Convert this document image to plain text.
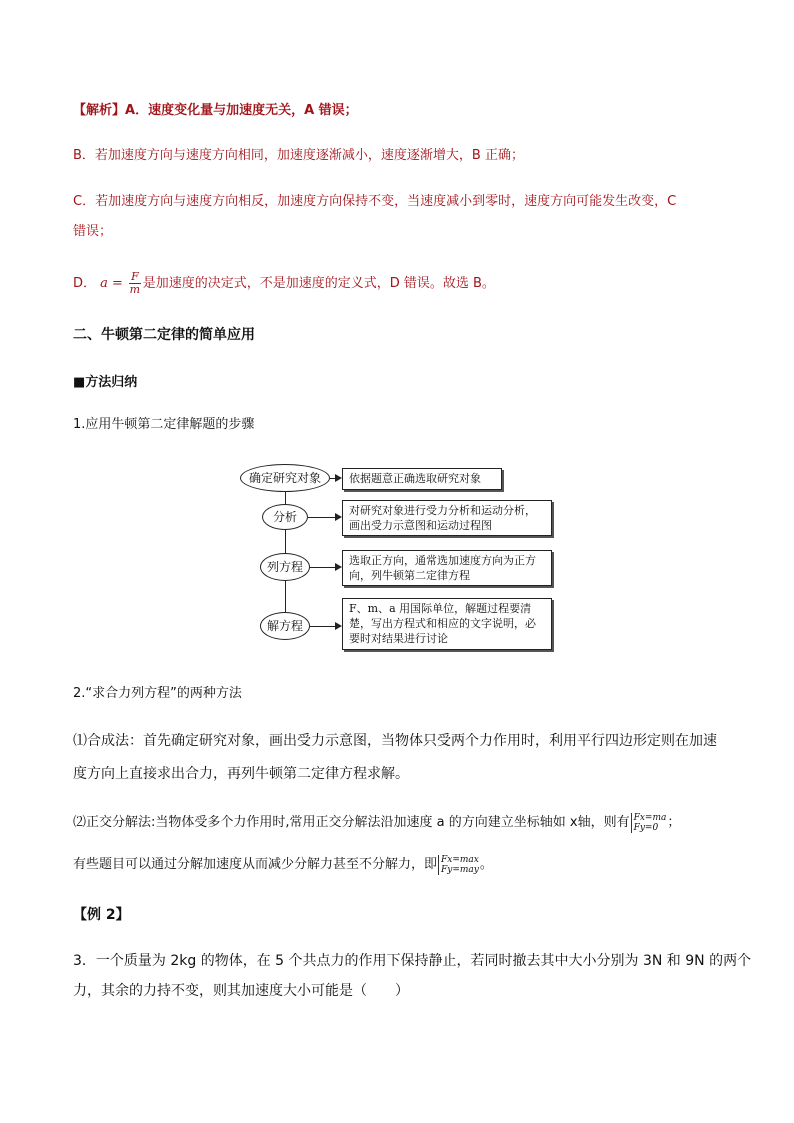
【解析】A．速度变化量与加速度无关，A 错误；
B．若加速度方向与速度方向相同，加速度逐渐减小，速度逐渐增大，B 正确；
C．若加速度方向与速度方向相反，加速度方向保持不变，当速度减小到零时，速度方向可能发生改变，C
错误；
D． $a = \frac{F}{m}$ 是加速度的决定式，不是加速度的定义式，D 错误。故选 B。
二、牛顿第二定律的简单应用
■方法归纳
1.应用牛顿第二定律解题的步骤
确定研究对象	依据题意正确选取研究对象
分析	对研究对象进行受力分析和运动分析，画出受力示意图和运动过程图
列方程	选取正方向，通常选加速度方向为正方向，列牛顿第二定律方程
解方程
F、m、a 用国际单位，解题过程要清楚，写出方程式和相应的文字说明，必要时对结果进行讨论
2.“求合力列方程”的两种方法
⑴合成法：首先确定研究对象，画出受力示意图，当物体只受两个力作用时，利用平行四边形定则在加速
度方向上直接求出合力，再列牛顿第二定律方程求解。
⑵正交分解法:当物体受多个力作用时,常用正交分解法沿加速度 a 的方向建立坐标轴如 x轴，则有 Fx=ma
Fy=0 ；
有些题目可以通过分解加速度从而减少分解力甚至不分解力，即 Fx=max
Fy=may 。
【例 2】
3．一个质量为 2kg 的物体，在 5 个共点力的作用下保持静止，若同时撤去其中大小分别为 3N 和 9N 的两个
力，其余的力持不变，则其加速度大小可能是（　　）
